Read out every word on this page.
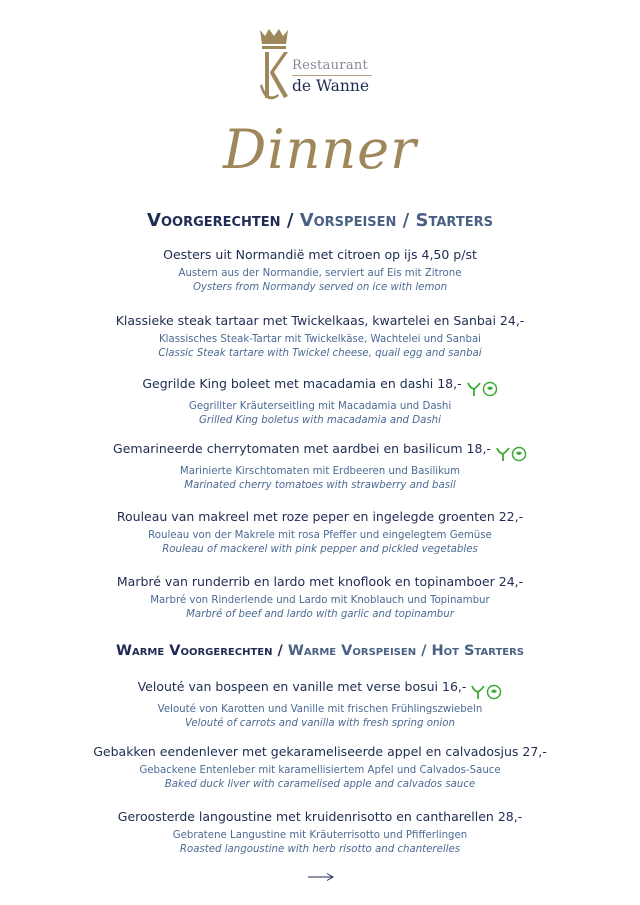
Restaurant
de Wanne
Dinner
Voorgerechten / Vorspeisen / Starters
Oesters uit Normandië met citroen op ijs 4,50 p/st
Austern aus der Normandie, serviert auf Eis mit Zitrone
Oysters from Normandy served on ice with lemon
Klassieke steak tartaar met Twickelkaas, kwartelei en Sanbai 24,-
Klassisches Steak-Tartar mit Twickelkäse, Wachtelei und Sanbai
Classic Steak tartare with Twickel cheese, quail egg and sanbai
Gegrilde King boleet met macadamia en dashi 18,-
Gegrillter Kräuterseitling mit Macadamia und Dashi
Grilled King boletus with macadamia and Dashi
Gemarineerde cherrytomaten met aardbei en basilicum 18,-
Marinierte Kirschtomaten mit Erdbeeren und Basilikum
Marinated cherry tomatoes with strawberry and basil
Rouleau van makreel met roze peper en ingelegde groenten 22,-
Rouleau von der Makrele mit rosa Pfeffer und eingelegtem Gemüse
Rouleau of mackerel with pink pepper and pickled vegetables
Marbré van runderrib en lardo met knoflook en topinamboer 24,-
Marbré von Rinderlende und Lardo mit Knoblauch und Topinambur
Marbré of beef and lardo with garlic and topinambur
Warme Voorgerechten / Warme Vorspeisen / Hot Starters
Velouté van bospeen en vanille met verse bosui 16,-
Velouté von Karotten und Vanille mit frischen Frühlingszwiebeln
Velouté of carrots and vanilla with fresh spring onion
Gebakken eendenlever met gekarameliseerde appel en calvadosjus 27,-
Gebackene Entenleber mit karamellisiertem Apfel und Calvados-Sauce
Baked duck liver with caramelised apple and calvados sauce
Geroosterde langoustine met kruidenrisotto en cantharellen 28,-
Gebratene Langustine mit Kräuterrisotto und Pfifferlingen
Roasted langoustine with herb risotto and chanterelles
